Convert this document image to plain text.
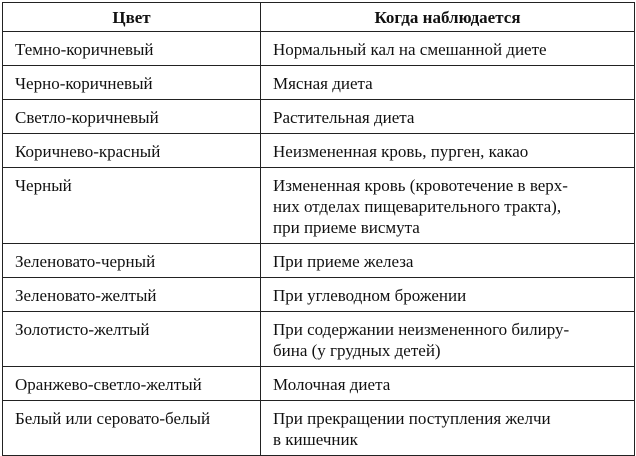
Цвет	Когда наблюдается
Темно-коричневый	Нормальный кал на смешанной диете

Черно-коричневый	Мясная диета

Светло-коричневый	Растительная диета

Коричнево-красный	Неизмененная кровь, пурген, какао

Черный	Измененная кровь (кровотечение в верх-
них отделах пищеварительного тракта),
при приеме висмута

Зеленовато-черный	При приеме железа

Зеленовато-желтый	При углеводном брожении

Золотисто-желтый	При содержании неизмененного билиру-
бина (у грудных детей)

Оранжево-светло-желтый	Молочная диета

Белый или серовато-белый	При прекращении поступления желчи
в кишечник
